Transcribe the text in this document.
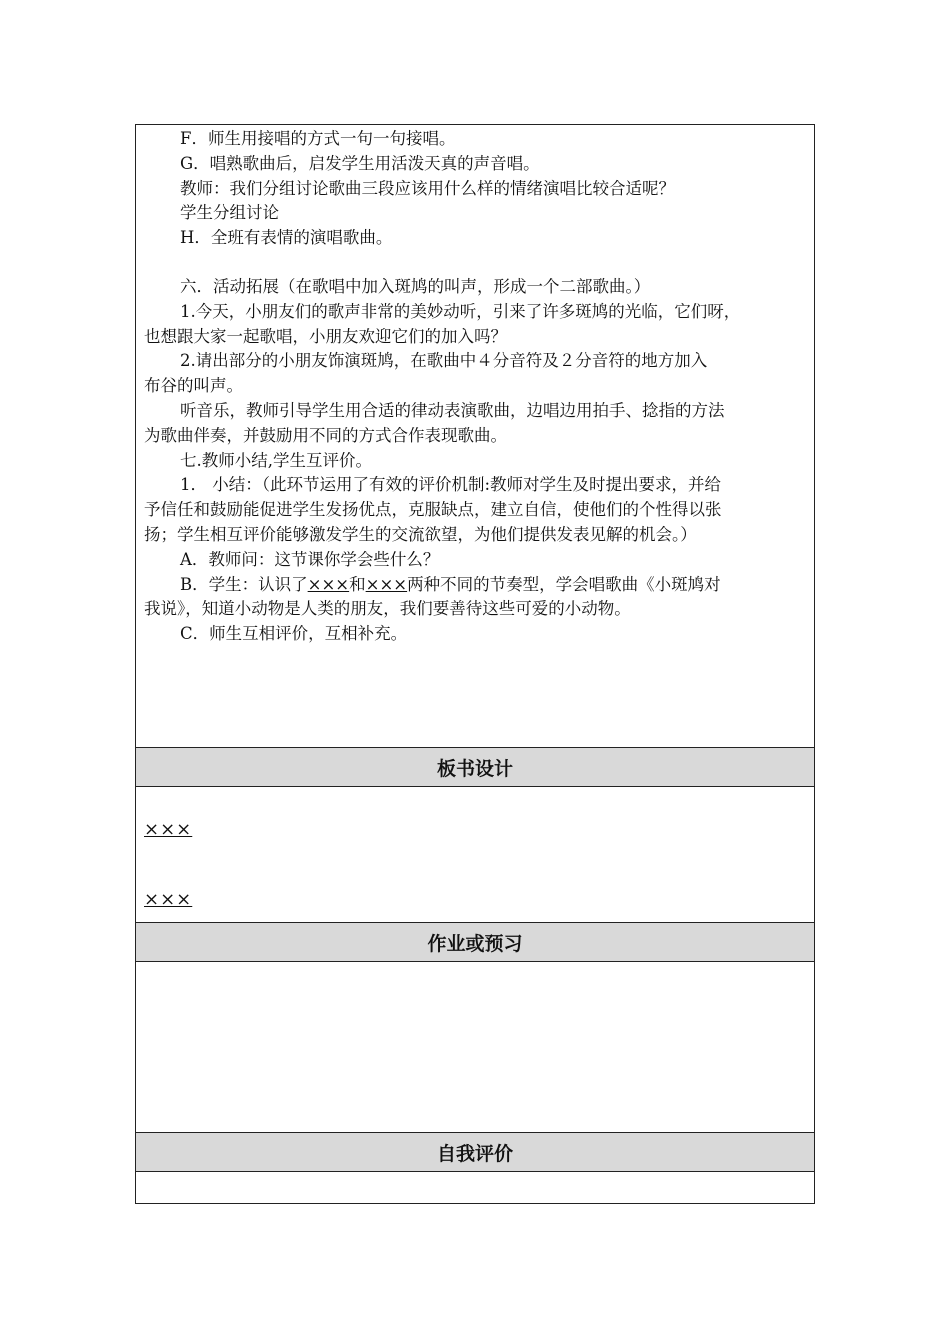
F．师生用接唱的方式一句一句接唱。
G．唱熟歌曲后，启发学生用活泼天真的声音唱。
教师：我们分组讨论歌曲三段应该用什么样的情绪演唱比较合适呢？
学生分组讨论
H．全班有表情的演唱歌曲。
六．活动拓展（在歌唱中加入斑鸠的叫声，形成一个二部歌曲。）
1.今天，小朋友们的歌声非常的美妙动听，引来了许多斑鸠的光临，它们呀，
也想跟大家一起歌唱，小朋友欢迎它们的加入吗？
2.请出部分的小朋友饰演斑鸠，在歌曲中４分音符及２分音符的地方加入
布谷的叫声。
听音乐，教师引导学生用合适的律动表演歌曲，边唱边用拍手、捻指的方法
为歌曲伴奏，并鼓励用不同的方式合作表现歌曲。
七.教师小结,学生互评价。
1． 小结：（此环节运用了有效的评价机制:教师对学生及时提出要求，并给
予信任和鼓励能促进学生发扬优点，克服缺点，建立自信，使他们的个性得以张
扬；学生相互评价能够激发学生的交流欲望，为他们提供发表见解的机会。）
A．教师问：这节课你学会些什么？
B．学生：认识了×××和×××两种不同的节奏型，学会唱歌曲《小斑鸠对
我说》，知道小动物是人类的朋友，我们要善待这些可爱的小动物。
C．师生互相评价，互相补充。
板书设计
×××
×××
作业或预习
自我评价
